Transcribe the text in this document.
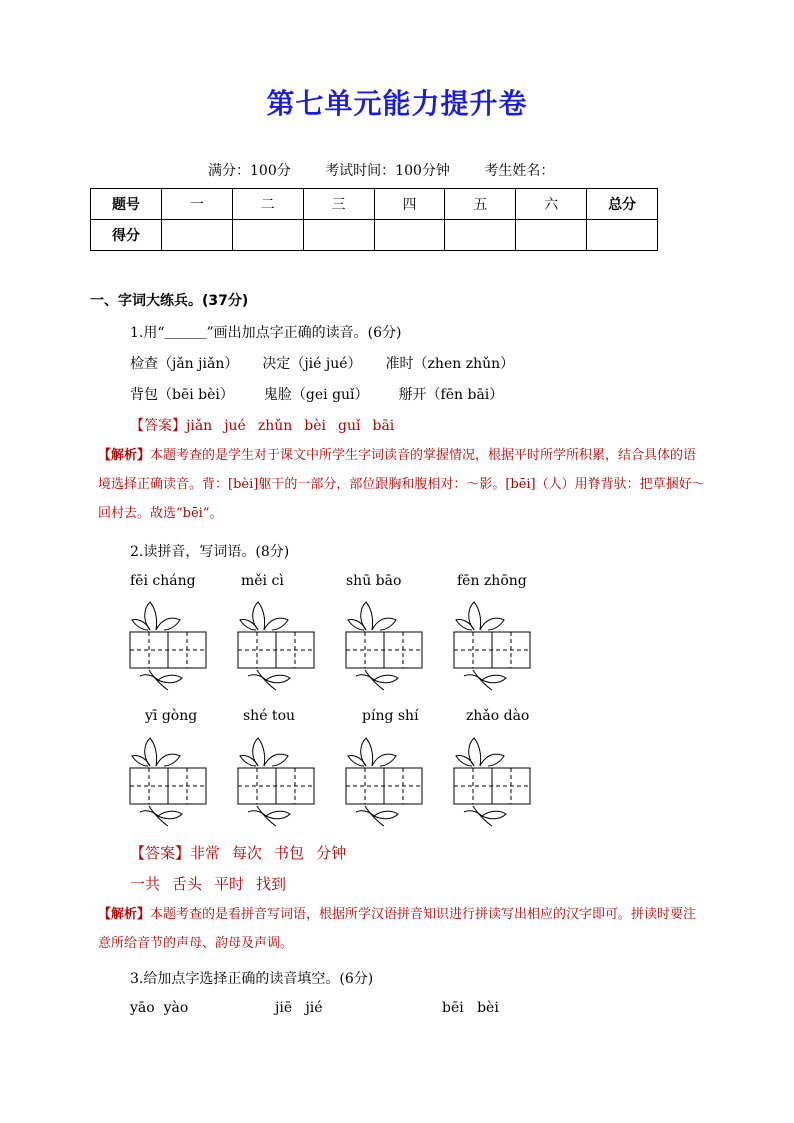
第七单元能力提升卷
满分：100分 考试时间：100分钟 考生姓名：
题号	一	二	三	四	五	六	总分
得分							
一、字词大练兵。(37分)
1.用“＿＿＿”画出加点字正确的读音。(6分)
检查（jǎn jiǎn） 决定（jié jué） 准时（zhen zhǔn）
背包（bēi bèi） 鬼脸（gei guǐ） 掰开（fēn bāi）
【答案】jiǎn jué zhǔn bèi guǐ bāi
【解析】本题考查的是学生对于课文中所学生字词读音的掌握情况，根据平时所学所积累，结合具体的语境选择正确读音。背：[bèi]躯干的一部分，部位跟胸和腹相对：～影。[bēi]（人）用脊背驮：把草捆好～回村去。故选“bēi”。
2.读拼音，写词语。(8分)
fēi cháng	měi cì	shū bāo	fēn zhōng
yī gòng	shé tou	píng shí	zhǎo dào
【答案】非常 每次 书包 分钟
一共 舌头 平时 找到
【解析】本题考查的是看拼音写词语，根据所学汉语拼音知识进行拼读写出相应的汉字即可。拼读时要注意所给音节的声母、韵母及声调。
3.给加点字选择正确的读音填空。(6分)
yāo  yào	jiē   jié	bēi   bèi
